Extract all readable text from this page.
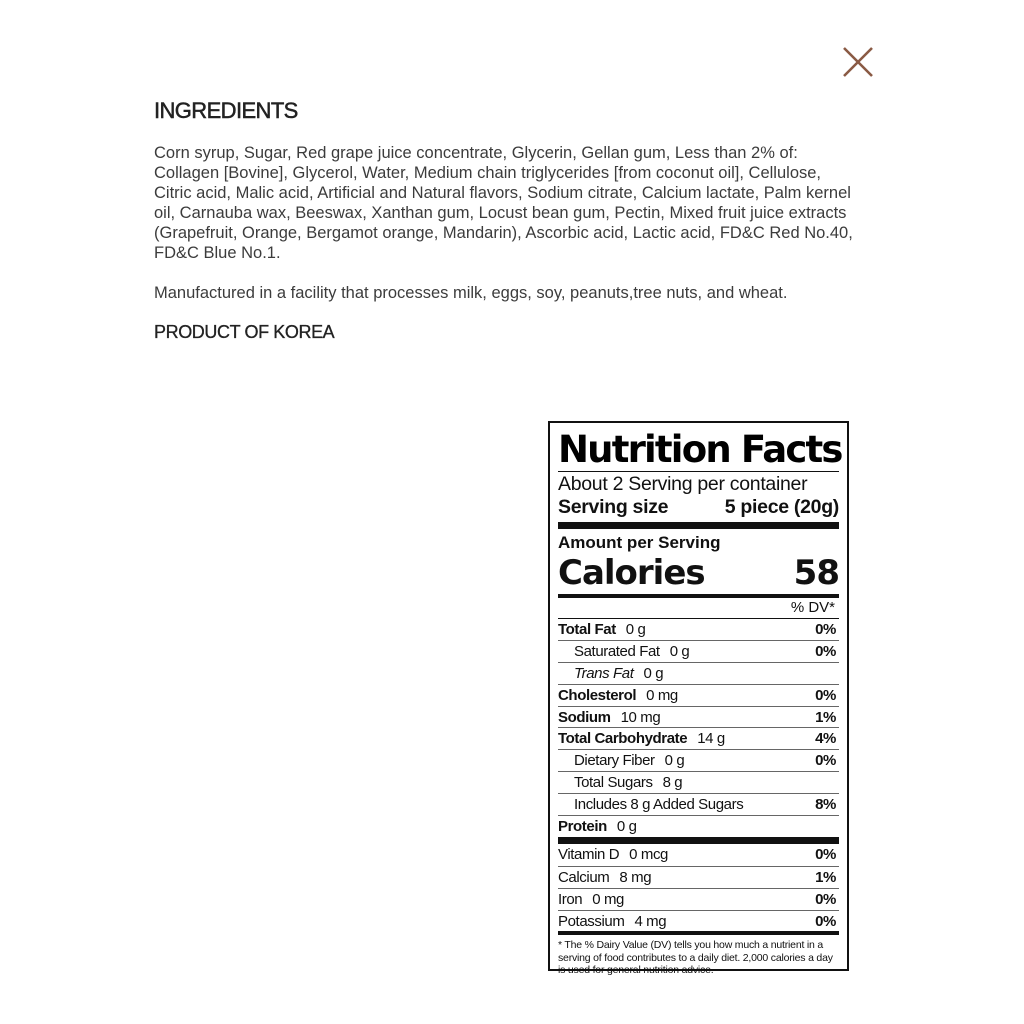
INGREDIENTS

Corn syrup, Sugar, Red grape juice concentrate, Glycerin, Gellan gum, Less than 2% of: Collagen [Bovine], Glycerol, Water, Medium chain triglycerides [from coconut oil], Cellulose, Citric acid, Malic acid, Artificial and Natural flavors, Sodium citrate, Calcium lactate, Palm kernel oil, Carnauba wax, Beeswax, Xanthan gum, Locust bean gum, Pectin, Mixed fruit juice extracts (Grapefruit, Orange, Bergamot orange, Mandarin), Ascorbic acid, Lactic acid, FD&C Red No.40, FD&C Blue No.1.

Manufactured in a facility that processes milk, eggs, soy, peanuts,tree nuts, and wheat.

PRODUCT OF KOREA
Nutrition Facts
About 2 Serving per container
Serving size	5 piece (20g)
Amount per Serving
Calories	58
% DV*
Total Fat 0 g	0%
Saturated Fat 0 g	0%
Trans Fat 0 g
Cholesterol 0 mg	0%
Sodium 10 mg	1%
Total Carbohydrate 14 g	4%
Dietary Fiber 0 g	0%
Total Sugars 8 g
Includes 8 g Added Sugars	8%
Protein 0 g
Vitamin D 0 mcg	0%
Calcium 8 mg	1%
Iron 0 mg	0%
Potassium 4 mg	0%
* The % Dairy Value (DV) tells you how much a nutrient in a serving of food contributes to a daily diet. 2,000 calories a day is used for general nutrition advice.
